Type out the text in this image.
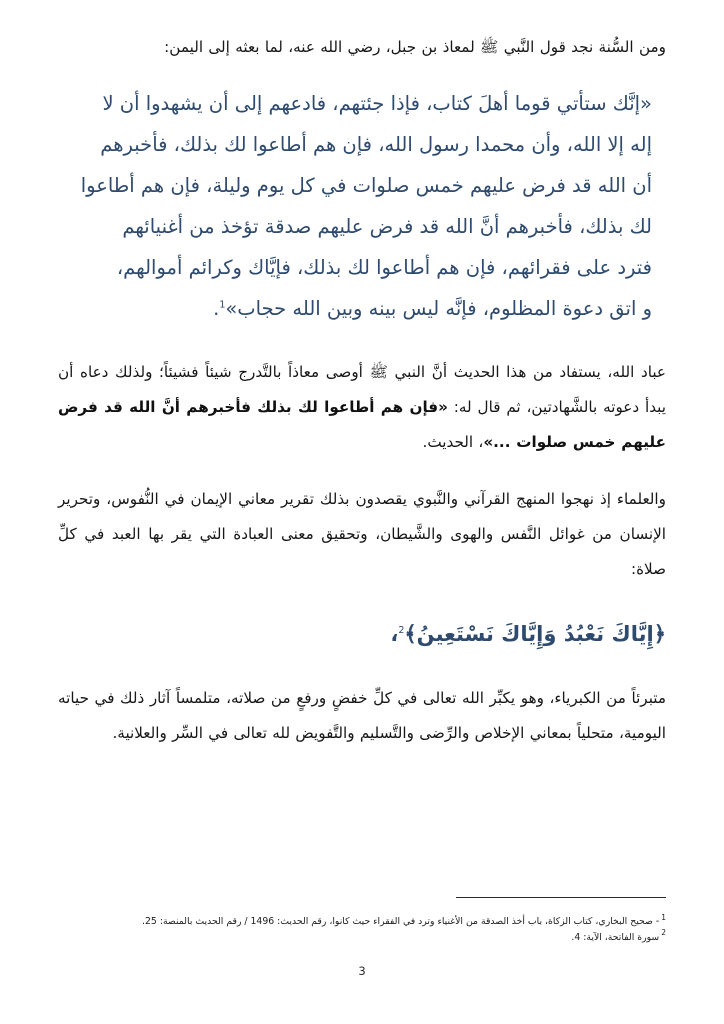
ومن السُّنة نجد قول النَّبي ﷺ لمعاذ بن جبل، رضي الله عنه، لما بعثه إلى اليمن:

«إنَّك ستأتي قوما أهلَ كتاب، فإذا جئتهم، فادعهم إلى أن يشهدوا أن لا
إله إلا الله، وأن محمدا رسول الله، فإن هم أطاعوا لك بذلك، فأخبرهم
أن الله قد فرض عليهم خمس صلوات في كل يوم وليلة، فإن هم أطاعوا
لك بذلك، فأخبرهم أنَّ الله قد فرض عليهم صدقة تؤخذ من أغنيائهم
فترد على فقرائهم، فإن هم أطاعوا لك بذلك، فإيَّاك وكرائم أموالهم،
و اتق دعوة المظلوم، فإنَّه ليس بينه وبين الله حجاب»$^1$.

عباد الله، يستفاد من هذا الحديث أنَّ النبي ﷺ أوصى معاذاً بالتَّدرج شيئاً فشيئاً؛ ولذلك دعاه أن يبدأ دعوته بالشَّهادتين، ثم قال له: «فإن هم أطاعوا لك بذلك فأخبرهم أنَّ الله قد فرض عليهم خمس صلوات ...»، الحديث.

والعلماء إذ نهجوا المنهج القرآني والنَّبوي يقصدون بذلك تقرير معاني الإيمان في النُّفوس، وتحرير الإنسان من غوائل النَّفس والهوى والشَّيطان، وتحقيق معنى العبادة التي يقر بها العبد في كلِّ صلاة:

﴿إِيَّاكَ نَعْبُدُ وَإِيَّاكَ نَسْتَعِينُ﴾$^2$،

متبرئاً من الكبرياء، وهو يكبِّر الله تعالى في كلِّ خفضٍ ورفعٍ من صلاته، متلمساً آثار ذلك في حياته اليومية، متحلياً بمعاني الإخلاص والرِّضى والتَّسليم والتَّفويض لله تعالى في السِّر والعلانية.

$^1$- صحيح البخاري، كتاب الزكاة، باب أخذ الصدقة من الأغنياء وترد في الفقراء حيث كانوا، رقم الحديث: 1496 / رقم الحديث بالمنصة: 25.
$^2$سورة الفاتحة، الآية: 4.
3
